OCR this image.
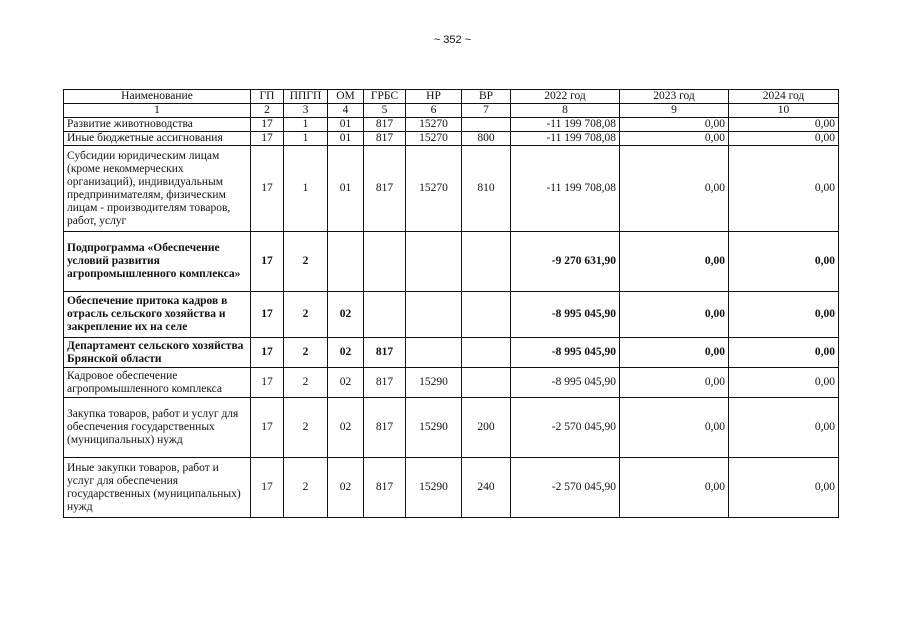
~ 352 ~
Наименование	ГП	ППГП	ОМ	ГРБС	НР	ВР	2022 год	2023 год	2024 год
1	2	3	4	5	6	7	8	9	10
Развитие животноводства	17	1	01	817	15270		-11 199 708,08	0,00	0,00
Иные бюджетные ассигнования	17	1	01	817	15270	800	-11 199 708,08	0,00	0,00
Субсидии юридическим лицам (кроме некоммерческих организаций), индивидуальным предпринимателям, физическим лицам - производителям товаров, работ, услуг	17	1	01	817	15270	810	-11 199 708,08	0,00	0,00
Подпрограмма «Обеспечение условий развития агропромышленного комплекса»	17	2					-9 270 631,90	0,00	0,00
Обеспечение притока кадров в отрасль сельского хозяйства и закрепление их на селе	17	2	02				-8 995 045,90	0,00	0,00
Департамент сельского хозяйства Брянской области	17	2	02	817			-8 995 045,90	0,00	0,00
Кадровое обеспечение агропромышленного комплекса	17	2	02	817	15290		-8 995 045,90	0,00	0,00
Закупка товаров, работ и услуг для обеспечения государственных (муниципальных) нужд	17	2	02	817	15290	200	-2 570 045,90	0,00	0,00
Иные закупки товаров, работ и услуг для обеспечения государственных (муниципальных) нужд	17	2	02	817	15290	240	-2 570 045,90	0,00	0,00
